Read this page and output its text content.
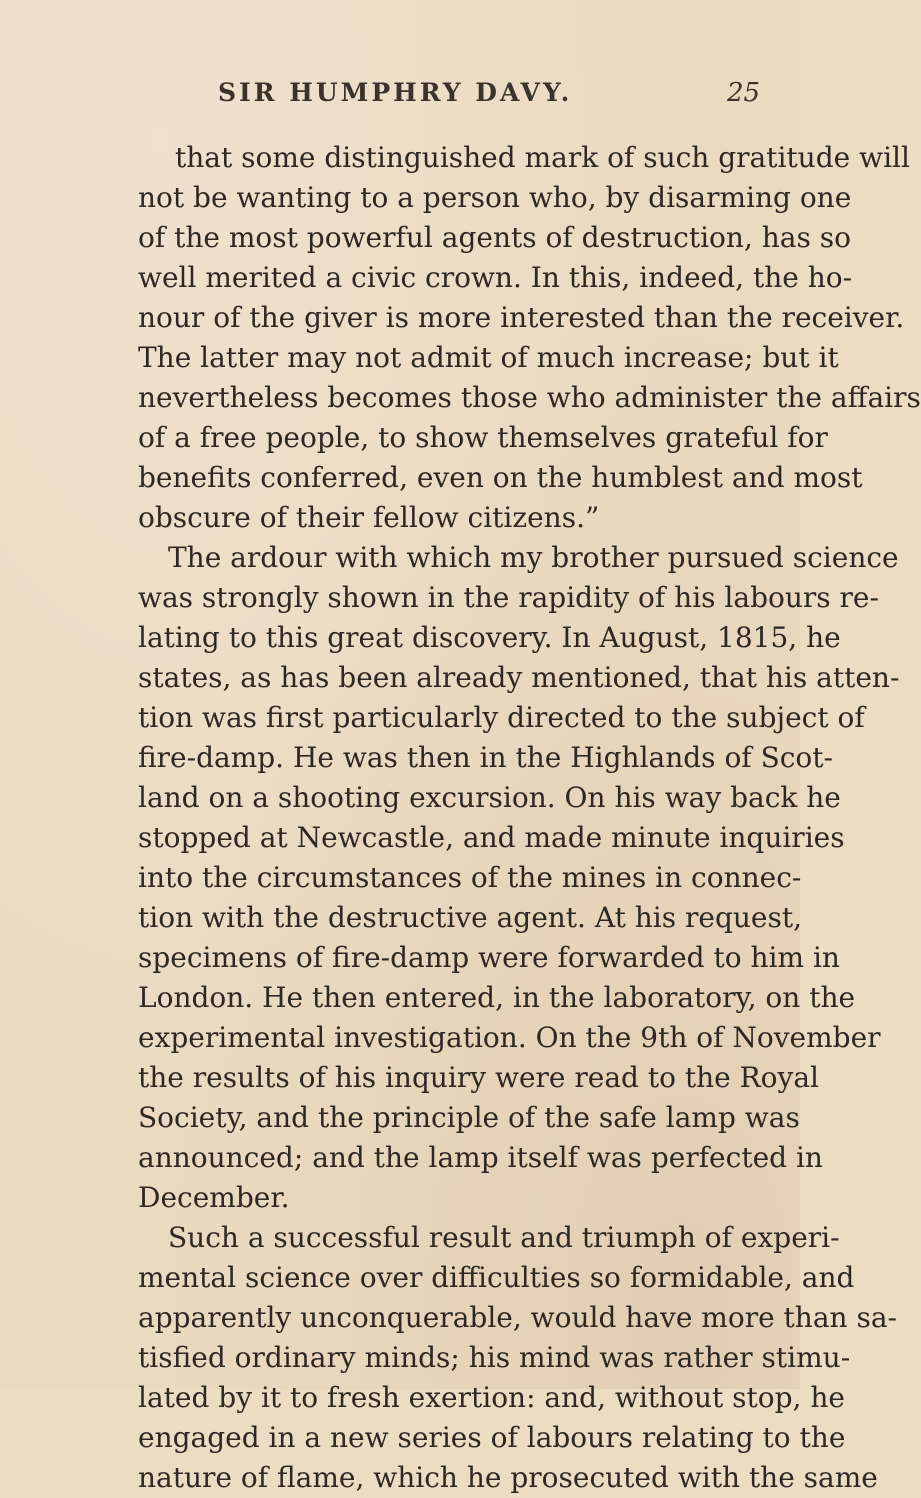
SIR HUMPHRY DAVY.	25
that some distinguished mark of such gratitude will
not be wanting to a person who, by disarming one
of the most powerful agents of destruction, has so
well merited a civic crown. In this, indeed, the ho-
nour of the giver is more interested than the receiver.
The latter may not admit of much increase; but it
nevertheless becomes those who administer the affairs
of a free people, to show themselves grateful for
benefits conferred, even on the humblest and most
obscure of their fellow citizens.”
The ardour with which my brother pursued science
was strongly shown in the rapidity of his labours re-
lating to this great discovery. In August, 1815, he
states, as has been already mentioned, that his atten-
tion was first particularly directed to the subject of
fire-damp. He was then in the Highlands of Scot-
land on a shooting excursion. On his way back he
stopped at Newcastle, and made minute inquiries
into the circumstances of the mines in connec-
tion with the destructive agent. At his request,
specimens of fire-damp were forwarded to him in
London. He then entered, in the laboratory, on the
experimental investigation. On the 9th of November
the results of his inquiry were read to the Royal
Society, and the principle of the safe lamp was
announced; and the lamp itself was perfected in
December.
Such a successful result and triumph of experi-
mental science over difficulties so formidable, and
apparently unconquerable, would have more than sa-
tisfied ordinary minds; his mind was rather stimu-
lated by it to fresh exertion: and, without stop, he
engaged in a new series of labours relating to the
nature of flame, which he prosecuted with the same
